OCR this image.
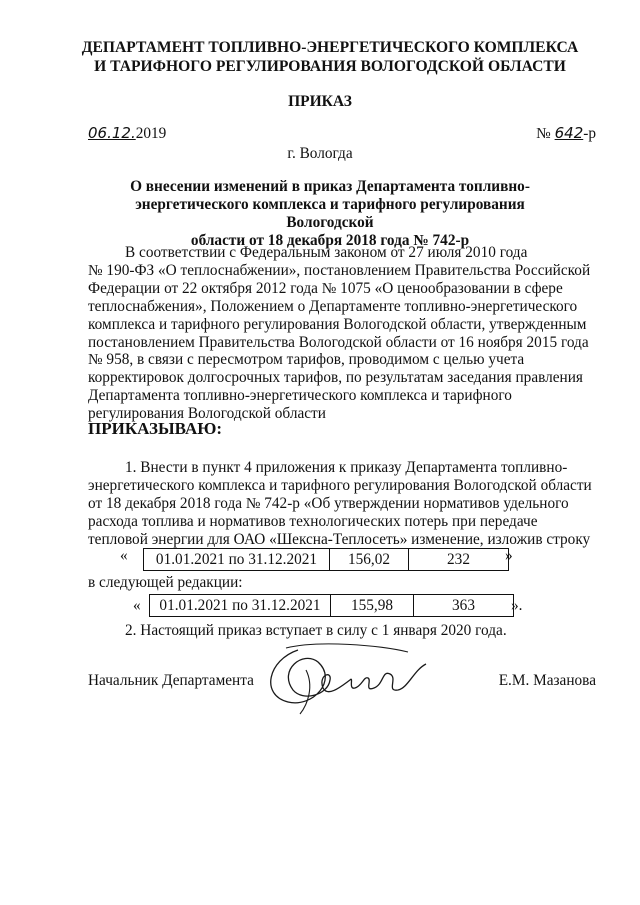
ДЕПАРТАМЕНТ ТОПЛИВНО-ЭНЕРГЕТИЧЕСКОГО КОМПЛЕКСА
И ТАРИФНОГО РЕГУЛИРОВАНИЯ ВОЛОГОДСКОЙ ОБЛАСТИ
ПРИКАЗ
06.12.2019	№ 642-р
г. Вологда
О внесении изменений в приказ Департамента топливно-
энергетического комплекса и тарифного регулирования Вологодской
области от 18 декабря 2018 года № 742-р

В соответствии с Федеральным законом от 27 июля 2010 года

№ 190-ФЗ «О теплоснабжении», постановлением Правительства Российской

Федерации от 22 октября 2012 года № 1075 «О ценообразовании в сфере

теплоснабжения», Положением о Департаменте топливно-энергетического

комплекса и тарифного регулирования Вологодской области, утвержденным

постановлением Правительства Вологодской области от 16 ноября 2015 года

№ 958, в связи с пересмотром тарифов, проводимом с целью учета

корректировок долгосрочных тарифов, по результатам заседания правления

Департамента топливно-энергетического комплекса и тарифного

регулирования Вологодской области

ПРИКАЗЫВАЮ:

1. Внести в пункт 4 приложения к приказу Департамента топливно-

энергетического комплекса и тарифного регулирования Вологодской области

от 18 декабря 2018 года № 742-р «Об утверждении нормативов удельного

расхода топлива и нормативов технологических потерь при передаче

тепловой энергии для ОАО «Шексна-Теплосеть» изменение, изложив строку

« 01.01.2021 по 31.12.2021	156,02	232 »
в следующей редакции:
« 01.01.2021 по 31.12.2021	155,98	363 ».
2. Настоящий приказ вступает в силу с 1 января 2020 года.
Начальник Департамента	Е.М. Мазанова
